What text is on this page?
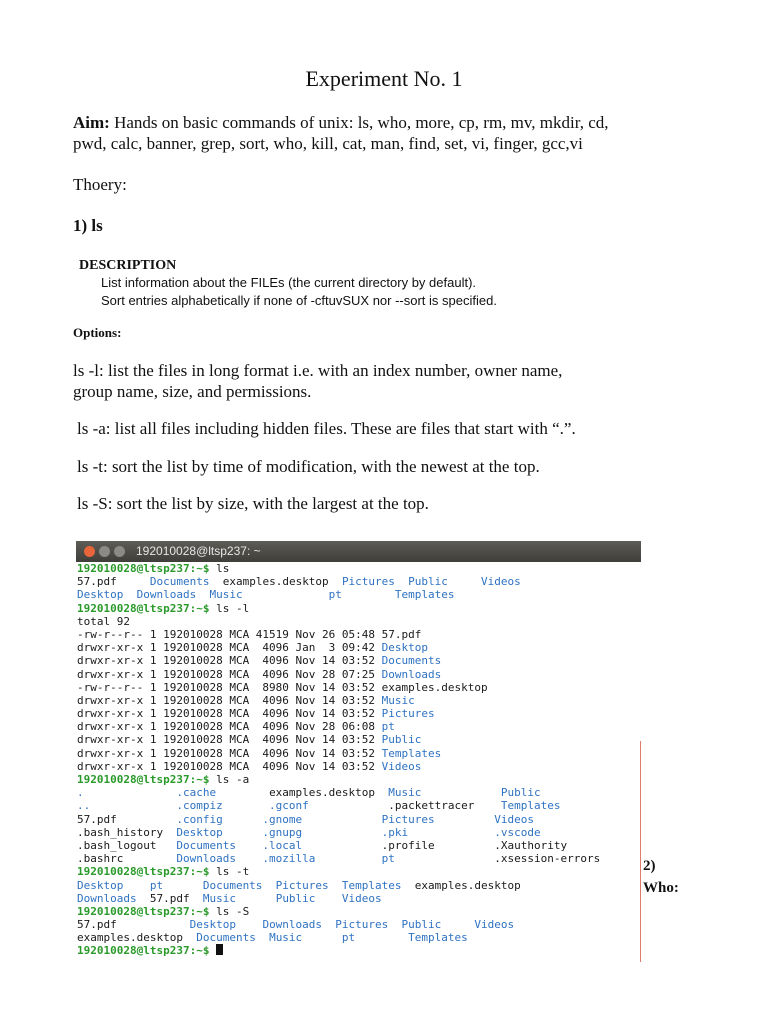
Experiment No. 1
Aim: Hands on basic commands of unix: ls, who, more, cp, rm, mv, mkdir, cd,
pwd, calc, banner, grep, sort, who, kill, cat, man, find, set, vi, finger, gcc,vi
Thoery:
1) ls
DESCRIPTION
List information about the FILEs (the current directory by default).
Sort entries alphabetically if none of -cftuvSUX nor --sort is specified.
Options:
ls -l: list the files in long format i.e. with an index number, owner name,
group name, size, and permissions.
ls -a: list all files including hidden files. These are files that start with “.”.
ls -t: sort the list by time of modification, with the newest at the top.
ls -S: sort the list by size, with the largest at the top.
192010028@ltsp237: ~
192010028@ltsp237:~$ ls
57.pdf     Documents  examples.desktop  Pictures  Public     Videos
Desktop  Downloads  Music             pt        Templates
192010028@ltsp237:~$ ls -l
total 92
-rw-r--r-- 1 192010028 MCA 41519 Nov 26 05:48 57.pdf
drwxr-xr-x 1 192010028 MCA  4096 Jan  3 09:42 Desktop
drwxr-xr-x 1 192010028 MCA  4096 Nov 14 03:52 Documents
drwxr-xr-x 1 192010028 MCA  4096 Nov 28 07:25 Downloads
-rw-r--r-- 1 192010028 MCA  8980 Nov 14 03:52 examples.desktop
drwxr-xr-x 1 192010028 MCA  4096 Nov 14 03:52 Music
drwxr-xr-x 1 192010028 MCA  4096 Nov 14 03:52 Pictures
drwxr-xr-x 1 192010028 MCA  4096 Nov 28 06:08 pt
drwxr-xr-x 1 192010028 MCA  4096 Nov 14 03:52 Public
drwxr-xr-x 1 192010028 MCA  4096 Nov 14 03:52 Templates
drwxr-xr-x 1 192010028 MCA  4096 Nov 14 03:52 Videos
192010028@ltsp237:~$ ls -a
.              .cache        examples.desktop  Music            Public
..             .compiz       .gconf            .packettracer    Templates
57.pdf         .config      .gnome            Pictures         Videos
.bash_history  Desktop      .gnupg            .pki             .vscode
.bash_logout   Documents    .local            .profile         .Xauthority
.bashrc        Downloads    .mozilla          pt               .xsession-errors
192010028@ltsp237:~$ ls -t
Desktop    pt      Documents  Pictures  Templates  examples.desktop
Downloads  57.pdf  Music      Public    Videos
192010028@ltsp237:~$ ls -S
57.pdf           Desktop    Downloads  Pictures  Public     Videos
examples.desktop  Documents  Music      pt        Templates
192010028@ltsp237:~$
2)
Who:
